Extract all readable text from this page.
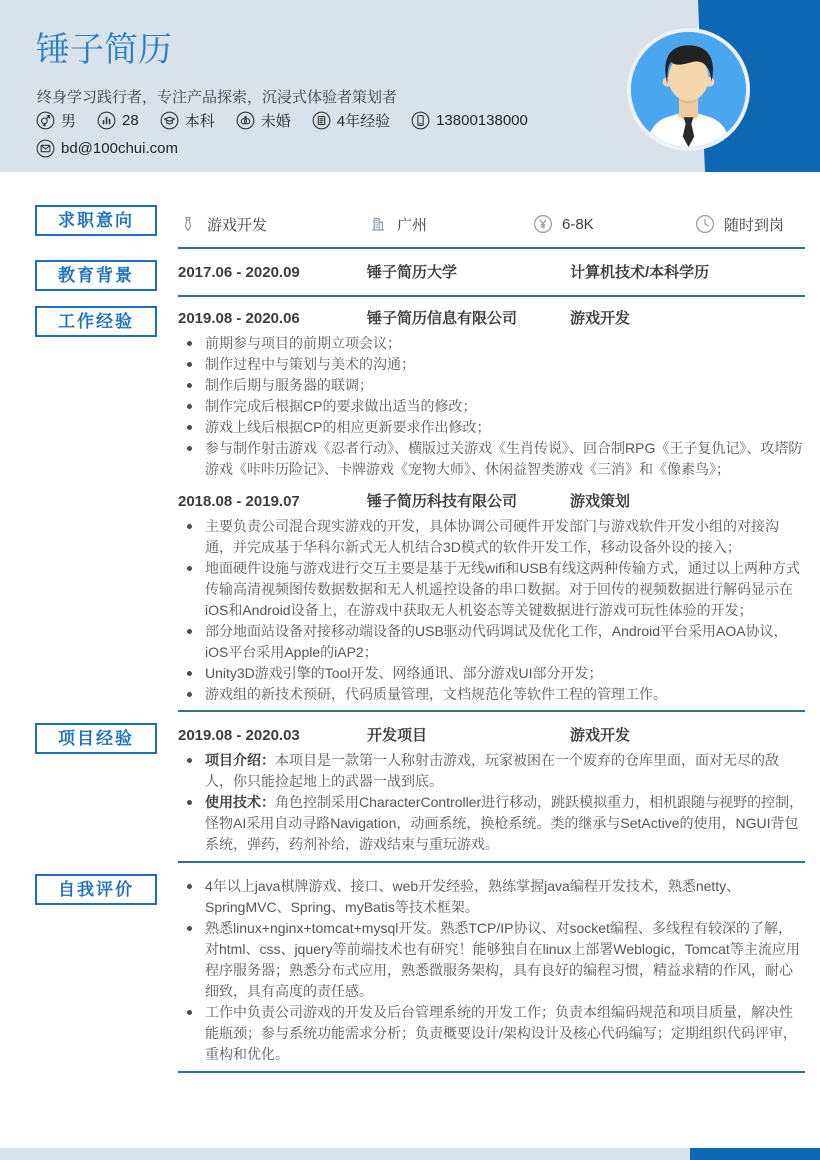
锤子简历
终身学习践行者，专注产品探索，沉浸式体验者策划者
男	28	本科	未婚	4年经验	13800138000
bd@100chui.com
求职意向	游戏开发	广州	6-8K	随时到岗
教育背景	2017.06 - 2020.09	锤子简历大学	计算机技术/本科学历
工作经验	2019.08 - 2020.06	锤子简历信息有限公司	游戏开发
前期参与项目的前期立项会议；
制作过程中与策划与美术的沟通；
制作后期与服务器的联调；
制作完成后根据CP的要求做出适当的修改；
游戏上线后根据CP的相应更新要求作出修改；
参与制作射击游戏《忍者行动》、横版过关游戏《生肖传说》、回合制RPG《王子复仇记》、攻塔防游戏《咔咔历险记》、卡牌游戏《宠物大师》、休闲益智类游戏《三消》和《像素鸟》；
2018.08 - 2019.07	锤子简历科技有限公司	游戏策划
主要负责公司混合现实游戏的开发，具体协调公司硬件开发部门与游戏软件开发小组的对接沟通，并完成基于华科尔新式无人机结合3D模式的软件开发工作，移动设备外设的接入；
地面硬件设施与游戏进行交互主要是基于无线wifi和USB有线这两种传输方式，通过以上两种方式传输高清视频图传数据数据和无人机遥控设备的串口数据。对于回传的视频数据进行解码显示在iOS和Android设备上，在游戏中获取无人机姿态等关键数据进行游戏可玩性体验的开发；
部分地面站设备对接移动端设备的USB驱动代码调试及优化工作，Android平台采用AOA协议，iOS平台采用Apple的iAP2；
Unity3D游戏引擎的Tool开发、网络通讯、部分游戏UI部分开发；
游戏组的新技术预研，代码质量管理，文档规范化等软件工程的管理工作。
项目经验	2019.08 - 2020.03	开发项目	游戏开发
项目介绍：本项目是一款第一人称射击游戏，玩家被困在一个废弃的仓库里面，面对无尽的敌人，你只能捡起地上的武器一战到底。
使用技术：角色控制采用CharacterController进行移动，跳跃模拟重力，相机跟随与视野的控制，怪物AI采用自动寻路Navigation，动画系统，换枪系统。类的继承与SetActive的使用，NGUI背包系统，弹药，药剂补给，游戏结束与重玩游戏。
自我评价	4年以上java棋牌游戏、接口、web开发经验，熟练掌握java编程开发技术，熟悉netty、SpringMVC、Spring、myBatis等技术框架。
熟悉linux+nginx+tomcat+mysql开发。熟悉TCP/IP协议、对socket编程、多线程有较深的了解，对html、css、jquery等前端技术也有研究！能够独自在linux上部署Weblogic，Tomcat等主流应用程序服务器；熟悉分布式应用，熟悉微服务架构，具有良好的编程习惯，精益求精的作风，耐心细致，具有高度的责任感。
工作中负责公司游戏的开发及后台管理系统的开发工作；负责本组编码规范和项目质量，解决性能瓶颈；参与系统功能需求分析；负责概要设计/架构设计及核心代码编写；定期组织代码评审，重构和优化。
